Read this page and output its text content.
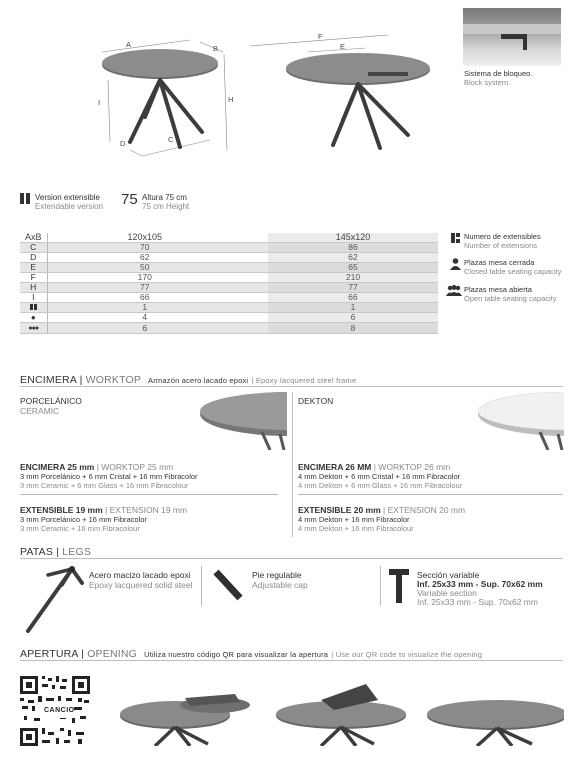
A	B
H
I
D	C
F
E
Sistema de bloqueo.
Block system.
Version extensible
Extendable version 75 Altura 75 cm
75 cm Height
AxB	120x105		145x120
C	70		86
D	62		62
E	50		65
F	170		210
H	77		77
I	66		66

	1		1
●	4		6
●●●	6		8
Numero de extensibles
Number of extensions
Plazas mesa cerrada
Closed table seating capacity
Plazas mesa abierta
Open table seating capacity
ENCIMERA | WORKTOP Armazón acero lacado epoxi | Epoxy lacquered steel frame
PORCELÁNICO
CERAMIC
ENCIMERA 25 mm | WORKTOP 25 mm
3 mm Porcelánico + 6 mm Cristal + 16 mm Fibracolor
3 mm Ceramic + 6 mm Glass + 16 mm Fibracolour
EXTENSIBLE 19 mm | EXTENSION 19 mm
3 mm Porcelánico + 16 mm Fibracolor
3 mm Ceramic + 16 mm Fibracolour
DEKTON
ENCIMERA 26 MM | WORKTOP 26 mm
4 mm Dekton + 6 mm Cristal + 16 mm Fibracolor
4 mm Dekton + 6 mm Glass + 16 mm Fibracolour
EXTENSIBLE 20 mm | EXTENSION 20 mm
4 mm Dekton + 16 mm Fibracolor
4 mm Dekton + 16 mm Fibracolour
PATAS | LEGS
Acero macizo lacado epoxi
Epoxy lacquered solid steel
Pie regulable
Adjustable cap
Sección variable
Inf. 25x33 mm - Sup. 70x62 mm
Variable section
Inf. 25x33 mm - Sup. 70x62 mm
APERTURA | OPENING Utiliza nuestro código QR para visualizar la apertura | Use our QR code to visualize the opening
CANCIO
